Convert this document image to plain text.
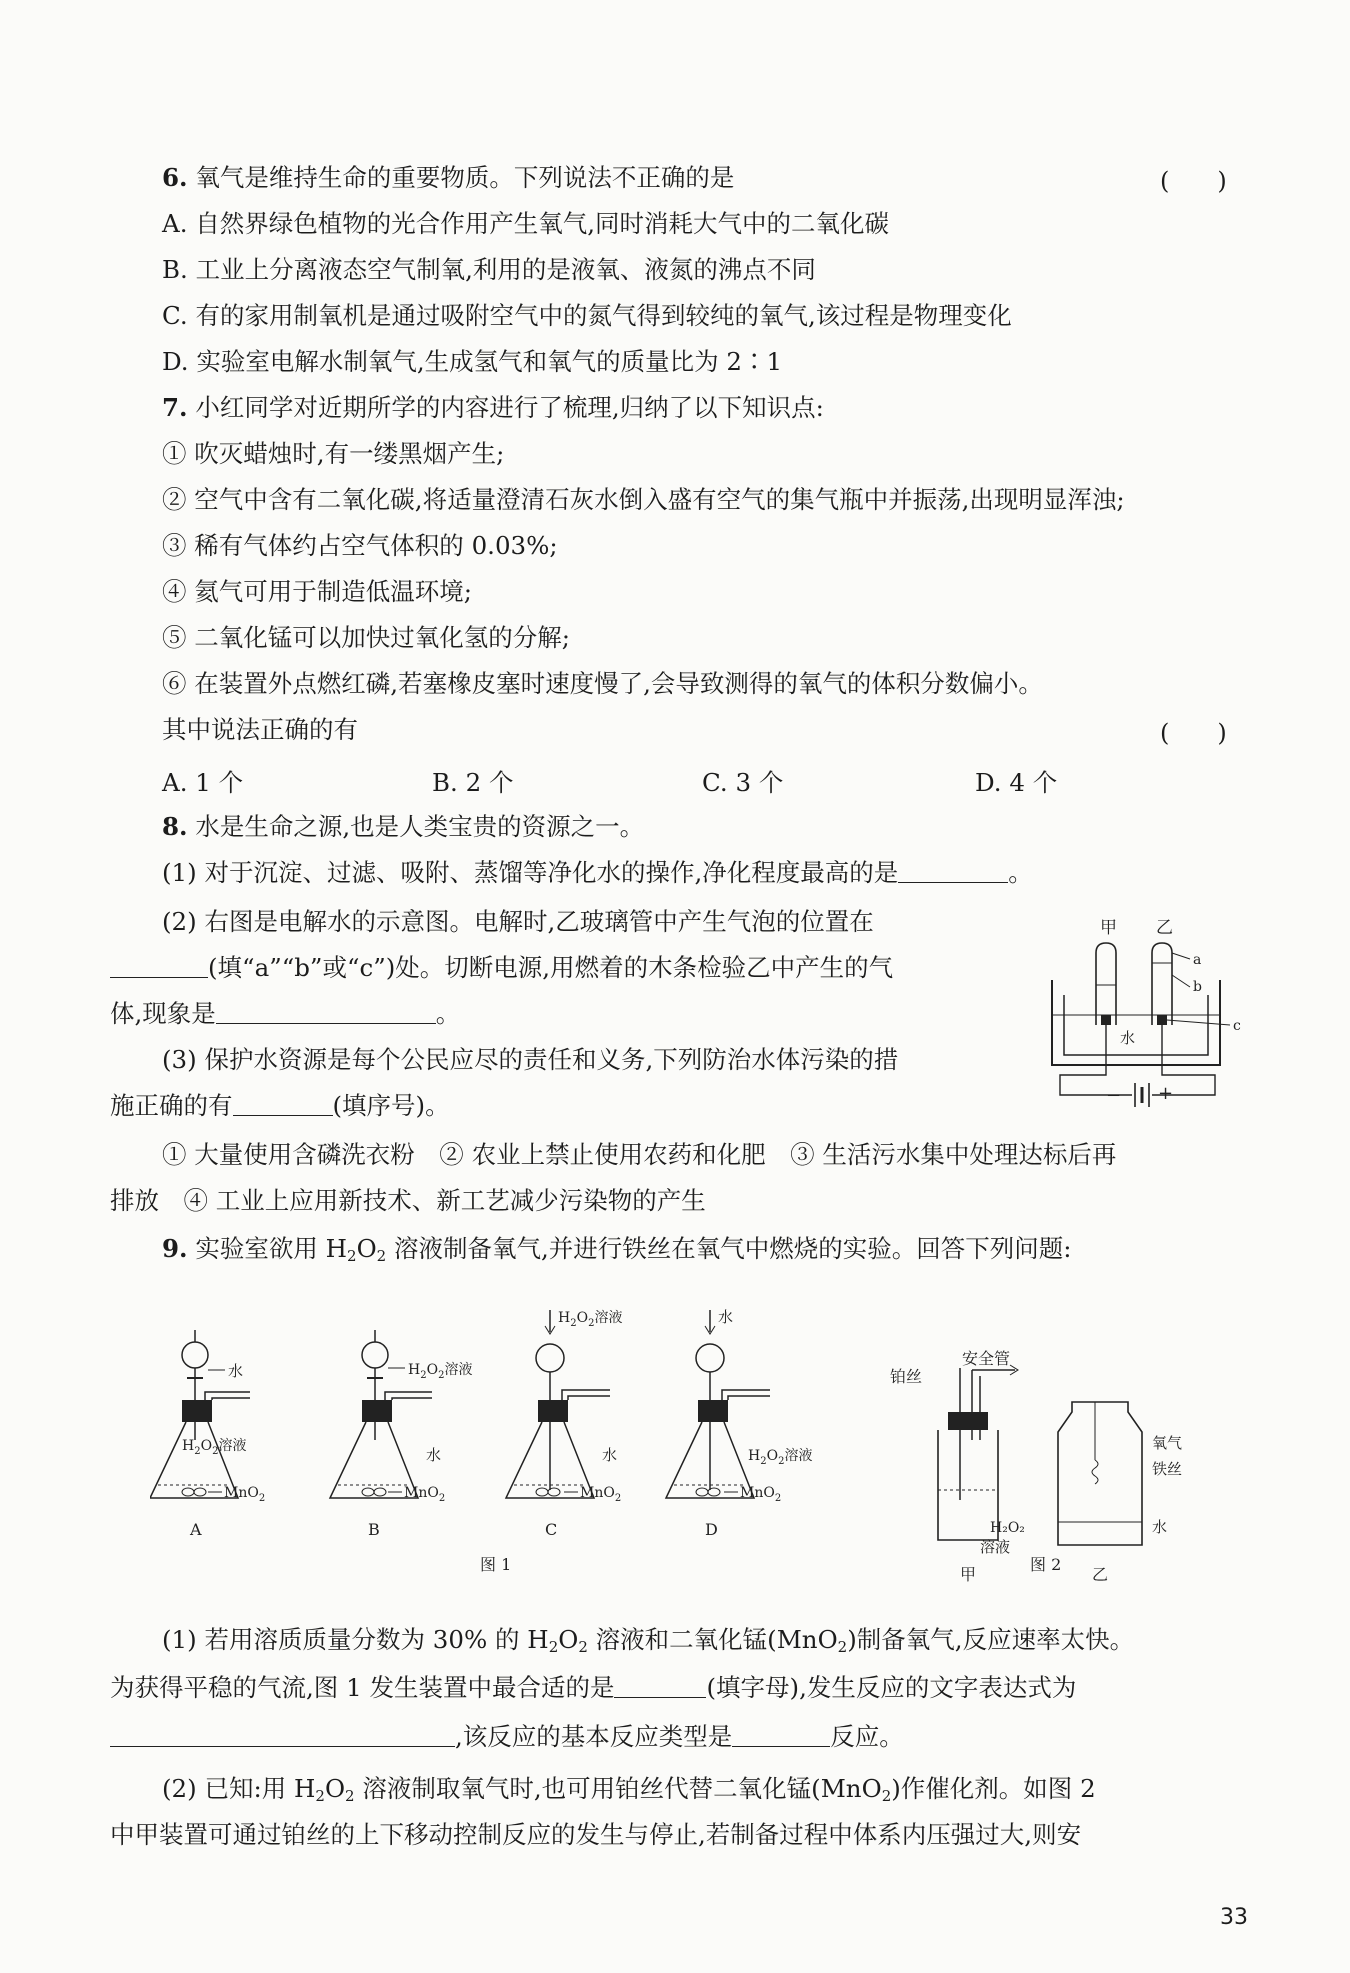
6. 氧气是维持生命的重要物质。下列说法不正确的是	(　　)
A. 自然界绿色植物的光合作用产生氧气,同时消耗大气中的二氧化碳
B. 工业上分离液态空气制氧,利用的是液氧、液氮的沸点不同
C. 有的家用制氧机是通过吸附空气中的氮气得到较纯的氧气,该过程是物理变化
D. 实验室电解水制氧气,生成氢气和氧气的质量比为 2∶1
7. 小红同学对近期所学的内容进行了梳理,归纳了以下知识点:
① 吹灭蜡烛时,有一缕黑烟产生;
② 空气中含有二氧化碳,将适量澄清石灰水倒入盛有空气的集气瓶中并振荡,出现明显浑浊;
③ 稀有气体约占空气体积的 0.03%;
④ 氦气可用于制造低温环境;
⑤ 二氧化锰可以加快过氧化氢的分解;
⑥ 在装置外点燃红磷,若塞橡皮塞时速度慢了,会导致测得的氧气的体积分数偏小。
其中说法正确的有	(　　)
A. 1 个	B. 2 个	C. 3 个	D. 4 个
8. 水是生命之源,也是人类宝贵的资源之一。
(1) 对于沉淀、过滤、吸附、蒸馏等净化水的操作,净化程度最高的是	。
(2) 右图是电解水的示意图。电解时,乙玻璃管中产生气泡的位置在
(填“a”“b”或“c”)处。切断电源,用燃着的木条检验乙中产生的气
体,现象是	。
(3) 保护水资源是每个公民应尽的责任和义务,下列防治水体污染的措
施正确的有	(填序号)。
① 大量使用含磷洗衣粉　② 农业上禁止使用农药和化肥　③ 生活污水集中处理达标后再
排放　④ 工业上应用新技术、新工艺减少污染物的产生
甲 乙
水
a
b
c
− +
9. 实验室欲用 $H_2O_2$ 溶液制备氧气,并进行铁丝在氧气中燃烧的实验。回答下列问题:
水
$H_2O_2$溶液
MnO$_2$
A
$H_2O_2$溶液
水
MnO$_2$
B
$H_2O_2$溶液
水
MnO$_2$
C
水
$H_2O_2$溶液
MnO$_2$
D
图 1
铂丝
安全管
H₂O₂
溶液
甲
氧气
铁丝
水
乙
图 2
(1) 若用溶质质量分数为 30% 的 $H_2O_2$ 溶液和二氧化锰(MnO$_2$)制备氧气,反应速率太快。
为获得平稳的气流,图 1 发生装置中最合适的是	(填字母),发生反应的文字表达式为
,该反应的基本反应类型是	反应。
(2) 已知:用 $H_2O_2$ 溶液制取氧气时,也可用铂丝代替二氧化锰(MnO$_2$)作催化剂。如图 2
中甲装置可通过铂丝的上下移动控制反应的发生与停止,若制备过程中体系内压强过大,则安
33
